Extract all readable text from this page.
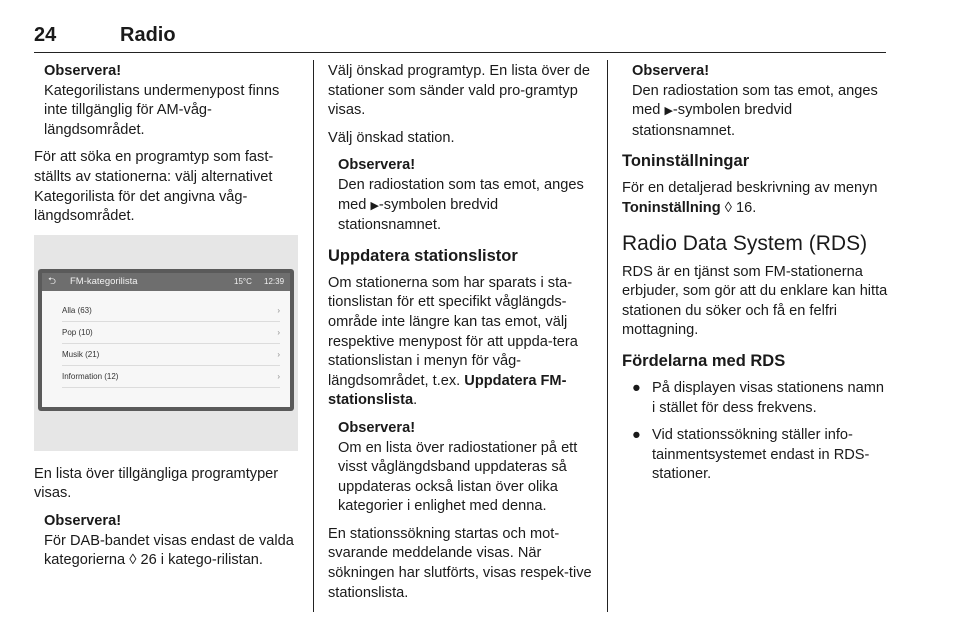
24	Radio
Observera!
Kategorilistans undermenypost finns inte tillgänglig för AM-våg-längdsområdet.

För att söka en programtyp som fast-ställts av stationerna: välj alternativet Kategorilista för det angivna våg-längdsområdet.

⮌ FM-kategorilista	15°C 12:39
Alla (63)	›
Pop (10)	›
Musik (21)	›
Information (12)	›

En lista över tillgängliga programtyper visas.

Observera!
För DAB-bandet visas endast de valda kategorierna ◊ 26 i katego-rilistan.

Välj önskad programtyp. En lista över de stationer som sänder vald pro-gramtyp visas.

Välj önskad station.

Observera!
Den radiostation som tas emot, anges med ▶-symbolen bredvid stationsnamnet.
Uppdatera stationslistor

Om stationerna som har sparats i sta-tionslistan för ett specifikt våglängds-område inte längre kan tas emot, välj respektive menypost för att uppda-tera stationslistan i menyn för våg-längdsområdet, t.ex. Uppdatera FM-stationslista.

Observera!
Om en lista över radiostationer på ett visst våglängdsband uppdateras så uppdateras också listan över olika kategorier i enlighet med denna.

En stationssökning startas och mot-svarande meddelande visas. När sökningen har slutförts, visas respek-tive stationslista.

Observera!
Den radiostation som tas emot, anges med ▶-symbolen bredvid stationsnamnet.
Toninställningar

För en detaljerad beskrivning av menyn Toninställning ◊ 16.

Radio Data System (RDS)

RDS är en tjänst som FM-stationerna erbjuder, som gör att du enklare kan hitta stationen du söker och få en felfri mottagning.

Fördelarna med RDS
● På displayen visas stationens namn i stället för dess frekvens.
● Vid stationssökning ställer info-tainmentsystemet endast in RDS-stationer.
